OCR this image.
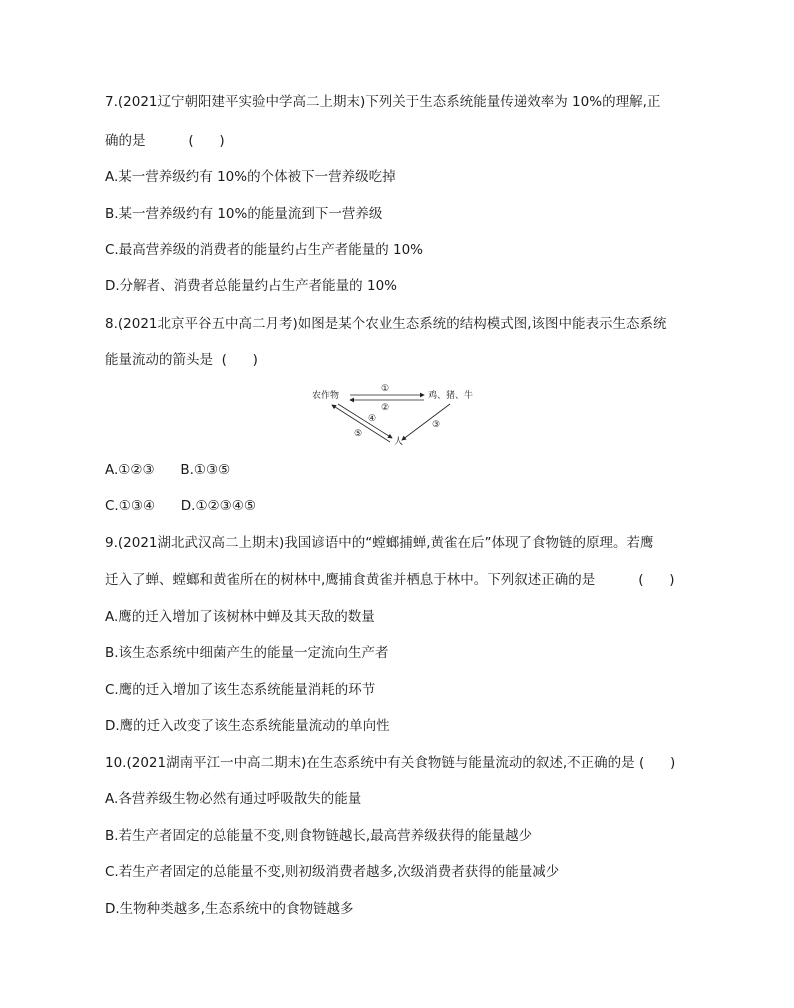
7.(2021辽宁朝阳建平实验中学高二上期末)下列关于生态系统能量传递效率为 10%的理解,正
确的是          (      )
A.某一营养级约有 10%的个体被下一营养级吃掉
B.某一营养级约有 10%的能量流到下一营养级
C.最高营养级的消费者的能量约占生产者能量的 10%
D.分解者、消费者总能量约占生产者能量的 10%
8.(2021北京平谷五中高二月考)如图是某个农业生态系统的结构模式图,该图中能表示生态系统
能量流动的箭头是  (      )
农作物	鸡、猪、牛
人
①
②
③
④
⑤
A.①②③      B.①③⑤
C.①③④      D.①②③④⑤
9.(2021湖北武汉高二上期末)我国谚语中的“螳螂捕蝉,黄雀在后”体现了食物链的原理。若鹰
迁入了蝉、螳螂和黄雀所在的树林中,鹰捕食黄雀并栖息于林中。下列叙述正确的是          (      )
A.鹰的迁入增加了该树林中蝉及其天敌的数量
B.该生态系统中细菌产生的能量一定流向生产者
C.鹰的迁入增加了该生态系统能量消耗的环节
D.鹰的迁入改变了该生态系统能量流动的单向性
10.(2021湖南平江一中高二期末)在生态系统中有关食物链与能量流动的叙述,不正确的是 (      )
A.各营养级生物必然有通过呼吸散失的能量
B.若生产者固定的总能量不变,则食物链越长,最高营养级获得的能量越少
C.若生产者固定的总能量不变,则初级消费者越多,次级消费者获得的能量减少
D.生物种类越多,生态系统中的食物链越多
